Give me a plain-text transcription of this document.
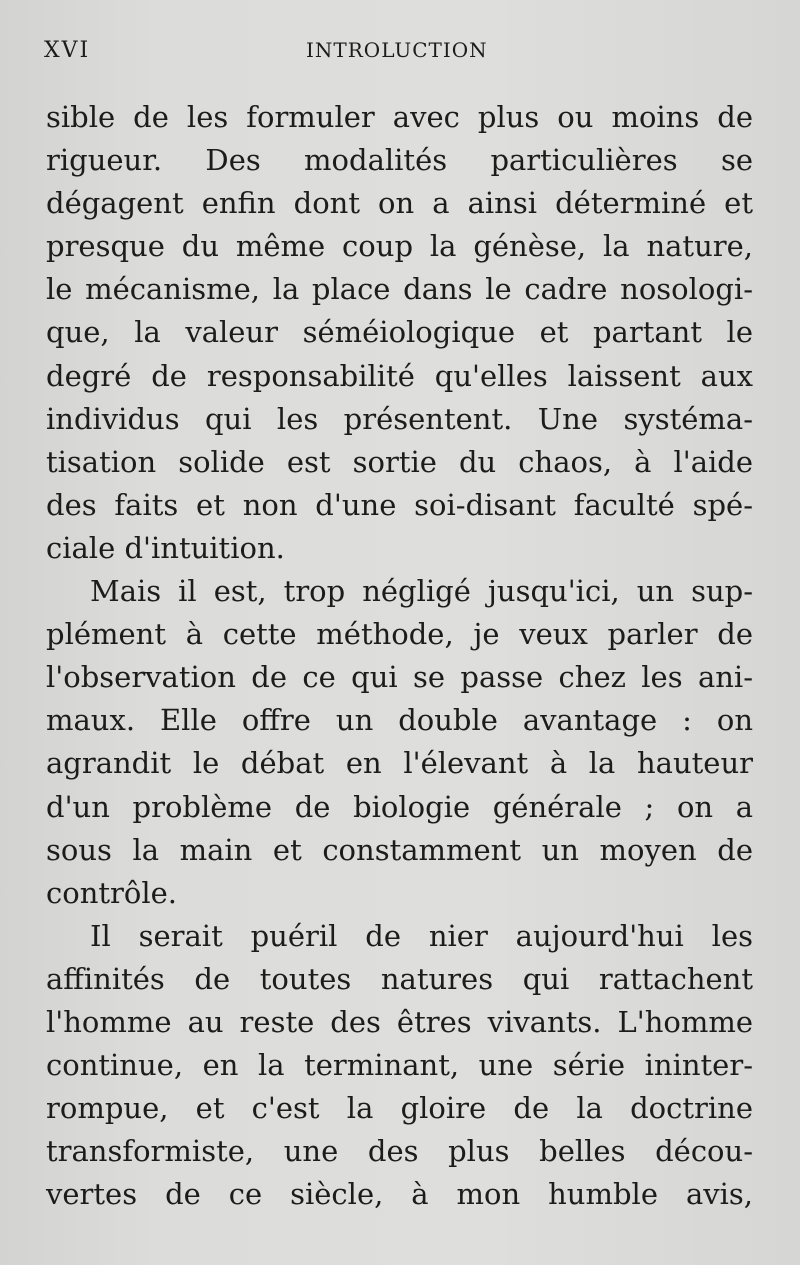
XVI	INTROLUCTION
sible de les formuler avec plus ou moins de
rigueur. Des modalités particulières se
dégagent enfin dont on a ainsi déterminé et
presque du même coup la génèse, la nature,
le mécanisme, la place dans le cadre nosologi-
que, la valeur séméiologique et partant le
degré de responsabilité qu'elles laissent aux
individus qui les présentent. Une systéma-
tisation solide est sortie du chaos, à l'aide
des faits et non d'une soi-disant faculté spé-
ciale d'intuition.
Mais il est, trop négligé jusqu'ici, un sup-
plément à cette méthode, je veux parler de
l'observation de ce qui se passe chez les ani-
maux. Elle offre un double avantage : on
agrandit le débat en l'élevant à la hauteur
d'un problème de biologie générale ; on a
sous la main et constamment un moyen de
contrôle.
Il serait puéril de nier aujourd'hui les
affinités de toutes natures qui rattachent
l'homme au reste des êtres vivants. L'homme
continue, en la terminant, une série ininter-
rompue, et c'est la gloire de la doctrine
transformiste, une des plus belles décou-
vertes de ce siècle, à mon humble avis,
